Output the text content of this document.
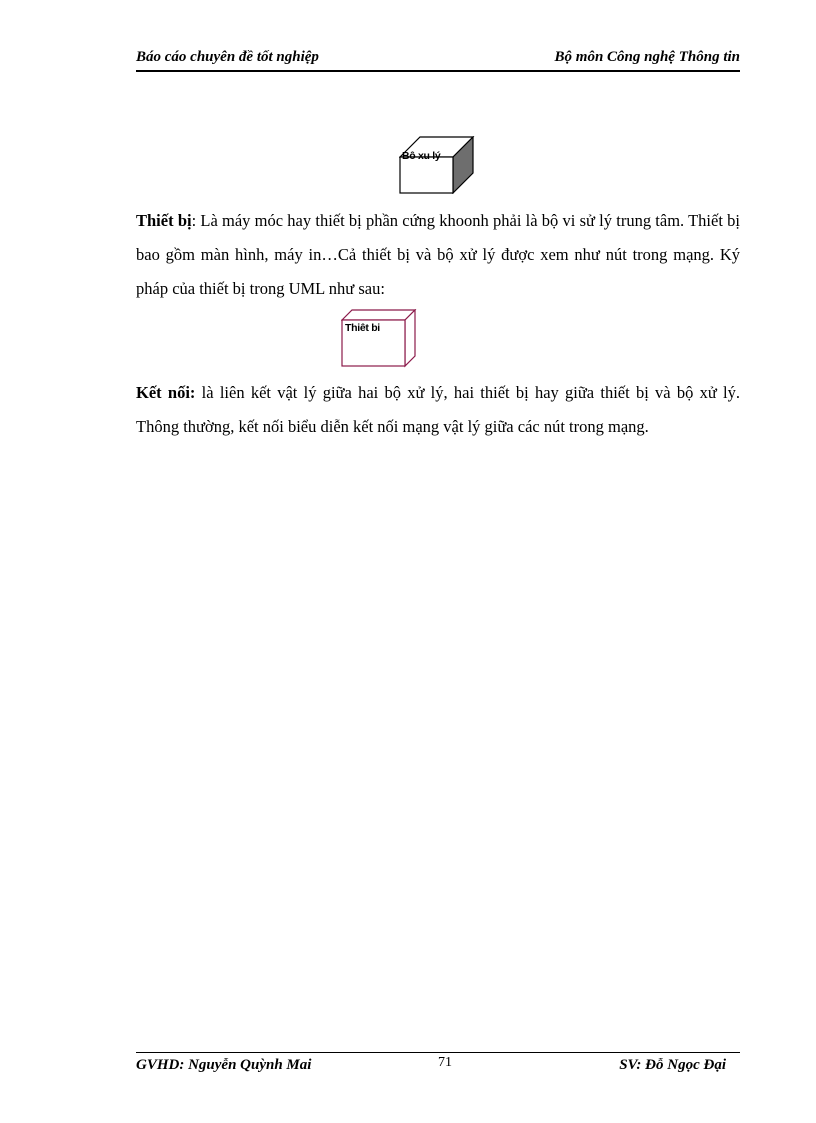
Báo cáo chuyên đề tốt nghiệp	Bộ môn Công nghệ Thông tin
Bô xu lý
Thiết bị: Là máy móc hay thiết bị phần cứng khoonh phải là bộ vi sử lý trung tâm. Thiết bị bao gồm màn hình, máy in…Cả thiết bị và bộ xử lý được xem như nút trong mạng. Ký pháp của thiết bị trong UML như sau:
Thiêt bi
Kết nối: là liên kết vật lý giữa hai bộ xử lý, hai thiết bị hay giữa thiết bị và bộ xử lý. Thông thường, kết nối biểu diễn kết nối mạng vật lý giữa các nút trong mạng.
GVHD: Nguyễn Quỳnh Mai	71	SV: Đỗ Ngọc Đại
